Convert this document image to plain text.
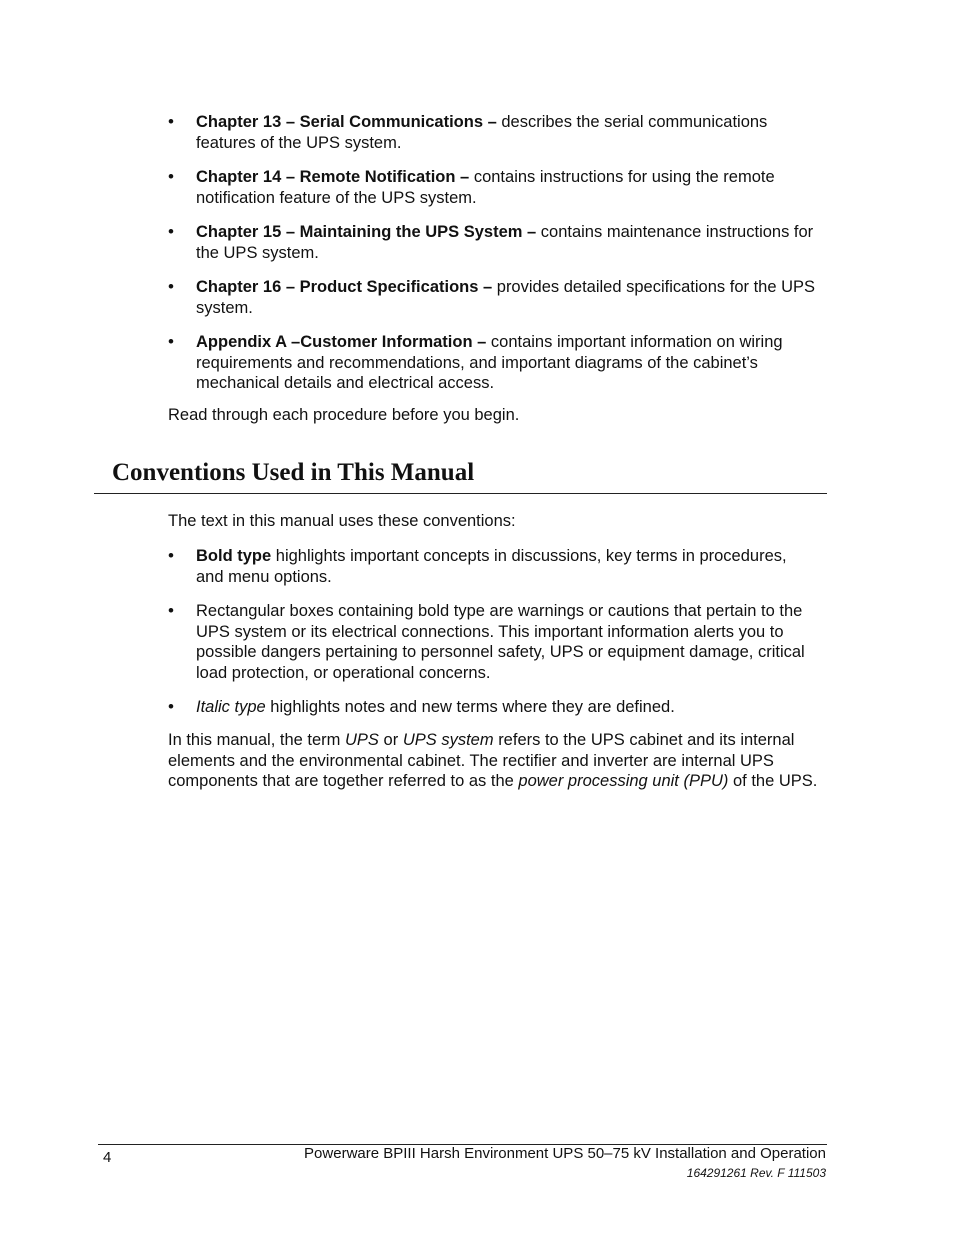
• Chapter 13 – Serial Communications – describes the serial communications features of the UPS system.
• Chapter 14 – Remote Notification – contains instructions for using the remote notification feature of the UPS system.
• Chapter 15 – Maintaining the UPS System – contains maintenance instructions for the UPS system.
• Chapter 16 – Product Specifications – provides detailed specifications for the UPS system.
• Appendix A –Customer Information – contains important information on wiring requirements and recommendations, and important diagrams of the cabinet’s mechanical details and electrical access.

Read through each procedure before you begin.

Conventions Used in This Manual

The text in this manual uses these conventions:

• Bold type highlights important concepts in discussions, key terms in procedures, and menu options.
• Rectangular boxes containing bold type are warnings or cautions that pertain to the UPS system or its electrical connections. This important information alerts you to possible dangers pertaining to personnel safety, UPS or equipment damage, critical load protection, or operational concerns.
• Italic type highlights notes and new terms where they are defined.

In this manual, the term UPS or UPS system refers to the UPS cabinet and its internal elements and the environmental cabinet. The rectifier and inverter are internal UPS components that are together referred to as the power processing unit (PPU) of the UPS.

4	Powerware BPIII Harsh Environment UPS 50–75 kV Installation and Operation
164291261 Rev. F 111503
